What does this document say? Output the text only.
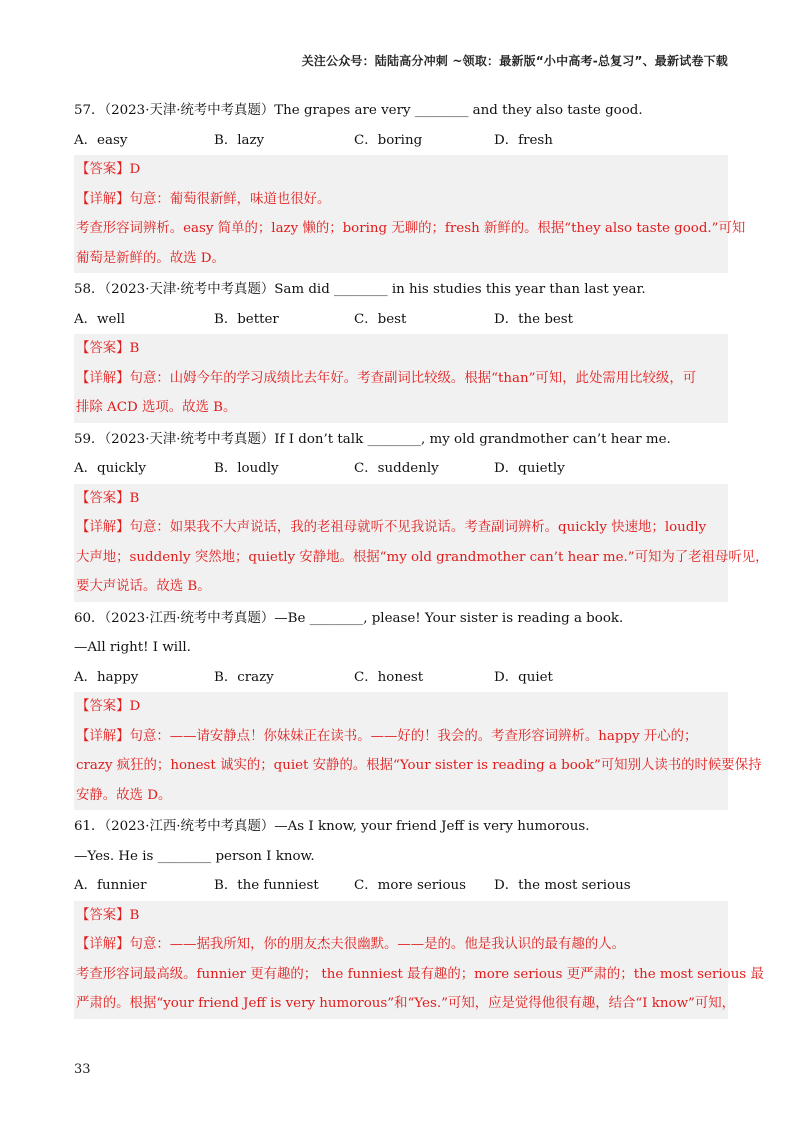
关注公众号：陆陆高分冲刺 ~领取：最新版“小中高考-总复习”、最新试卷下载
57．（2023·天津·统考中考真题）The grapes are very ________ and they also taste good.
A．easy	B．lazy	C．boring	D．fresh
【答案】D
【详解】句意：葡萄很新鲜，味道也很好。
考查形容词辨析。easy 简单的；lazy 懒的；boring 无聊的；fresh 新鲜的。根据“they also taste good.”可知
葡萄是新鲜的。故选 D。
58．（2023·天津·统考中考真题）Sam did ________ in his studies this year than last year.
A．well	B．better	C．best	D．the best
【答案】B
【详解】句意：山姆今年的学习成绩比去年好。考查副词比较级。根据“than”可知，此处需用比较级，可
排除 ACD 选项。故选 B。
59．（2023·天津·统考中考真题）If I don’t talk ________, my old grandmother can’t hear me.
A．quickly	B．loudly	C．suddenly	D．quietly
【答案】B
【详解】句意：如果我不大声说话，我的老祖母就听不见我说话。考查副词辨析。quickly 快速地；loudly
大声地；suddenly 突然地；quietly 安静地。根据“my old grandmother can’t hear me.”可知为了老祖母听见，
要大声说话。故选 B。
60．（2023·江西·统考中考真题）—Be ________, please! Your sister is reading a book.
—All right! I will.
A．happy	B．crazy	C．honest	D．quiet
【答案】D
【详解】句意：——请安静点！你妹妹正在读书。——好的！我会的。考查形容词辨析。happy 开心的；
crazy 疯狂的；honest 诚实的；quiet 安静的。根据“Your sister is reading a book”可知别人读书的时候要保持
安静。故选 D。
61．（2023·江西·统考中考真题）—As I know, your friend Jeff is very humorous.
—Yes. He is ________ person I know.
A．funnier	B．the funniest	C．more serious	D．the most serious
【答案】B
【详解】句意：——据我所知，你的朋友杰夫很幽默。——是的。他是我认识的最有趣的人。
考查形容词最高级。funnier 更有趣的； the funniest 最有趣的；more serious 更严肃的；the most serious 最
严肃的。根据“your friend Jeff is very humorous”和“Yes.”可知，应是觉得他很有趣，结合“I know”可知，
33
